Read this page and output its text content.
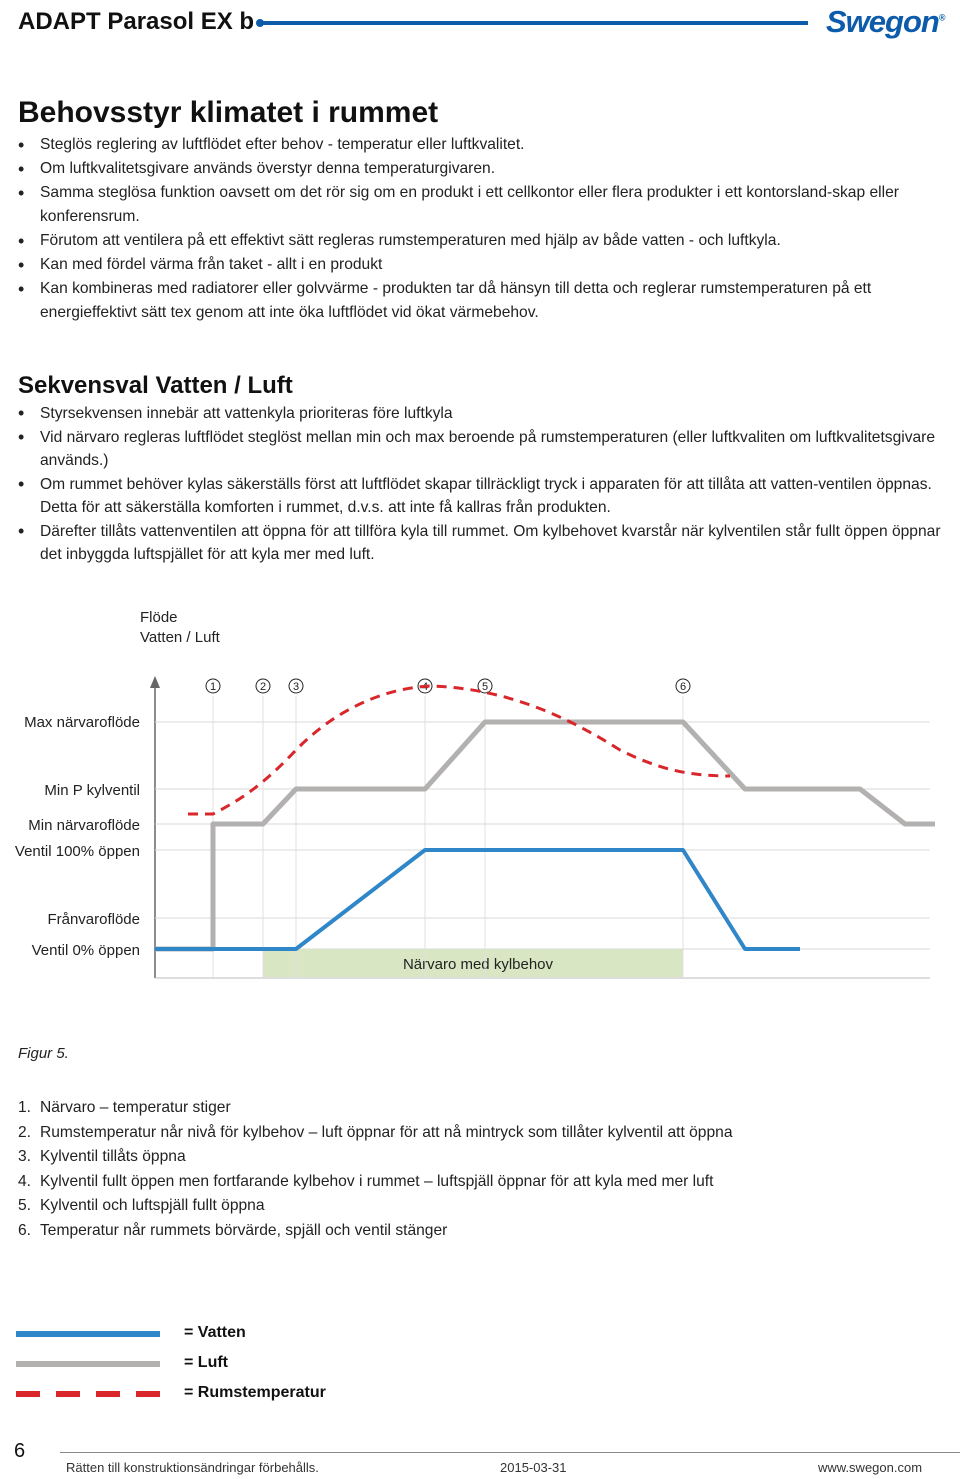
ADAPT Parasol EX b	Swegon®
Behovsstyr klimatet i rummet
• Steglös reglering av luftflödet efter behov - temperatur eller luftkvalitet.
• Om luftkvalitetsgivare används överstyr denna temperaturgivaren.
• Samma steglösa funktion oavsett om det rör sig om en produkt i ett cellkontor eller flera produkter i ett kontorsland-skap eller konferensrum.
• Förutom att ventilera på ett effektivt sätt regleras rumstemperaturen med hjälp av både vatten - och luftkyla.
• Kan med fördel värma från taket - allt i en produkt
• Kan kombineras med radiatorer eller golvvärme - produkten tar då hänsyn till detta och reglerar rumstemperaturen på ett energieffektivt sätt tex genom att inte öka luftflödet vid ökat värmebehov.
Sekvensval Vatten / Luft
• Styrsekvensen innebär att vattenkyla prioriteras före luftkyla
• Vid närvaro regleras luftflödet steglöst mellan min och max beroende på rumstemperaturen (eller luftkvaliten om luftkvalitetsgivare används.)
• Om rummet behöver kylas säkerställs först att luftflödet skapar tillräckligt tryck i apparaten för att tillåta att vatten-ventilen öppnas. Detta för att säkerställa komforten i rummet, d.v.s. att inte få kallras från produkten.
• Därefter tillåts vattenventilen att öppna för att tillföra kyla till rummet. Om kylbehovet kvarstår när kylventilen står fullt öppen öppnar det inbyggda luftspjället för att kyla mer med luft.
Flöde
Vatten / Luft
Max närvaroflöde
Min P kylventil
Min närvaroflöde
Ventil 100% öppen
Frånvaroflöde
Ventil 0% öppen
Närvaro med kylbehov
1	2 3	4	5	6
Figur 5.
1. Närvaro – temperatur stiger
2. Rumstemperatur når nivå för kylbehov – luft öppnar för att nå mintryck som tillåter kylventil att öppna
3. Kylventil tillåts öppna
4. Kylventil fullt öppen men fortfarande kylbehov i rummet – luftspjäll öppnar för att kyla med mer luft
5. Kylventil och luftspjäll fullt öppna
6. Temperatur når rummets börvärde, spjäll och ventil stänger
= Vatten
= Luft
= Rumstemperatur
6
Rätten till konstruktionsändringar förbehålls.	2015-03-31	www.swegon.com
